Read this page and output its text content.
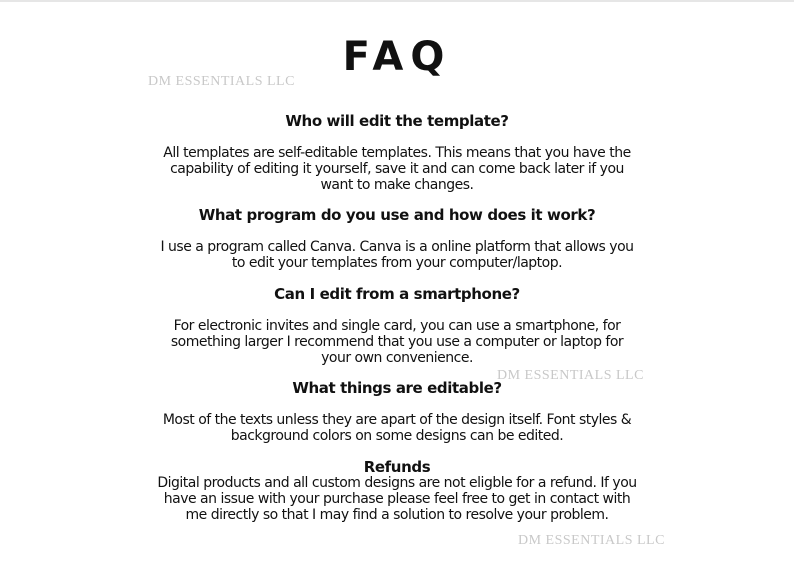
FAQ
DM ESSENTIALS LLC
DM ESSENTIALS LLC
DM ESSENTIALS LLC
Who will edit the template?
All templates are self-editable templates. This means that you have the
capability of editing it yourself, save it and can come back later if you
want to make changes.
What program do you use and how does it work?
I use a program called Canva. Canva is a online platform that allows you
to edit your templates from your computer/laptop.
Can I edit from a smartphone?
For electronic invites and single card, you can use a smartphone, for
something larger I recommend that you use a computer or laptop for
your own convenience.
What things are editable?
Most of the texts unless they are apart of the design itself. Font styles &
background colors on some designs can be edited.
Refunds
Digital products and all custom designs are not eligble for a refund. If you
have an issue with your purchase please feel free to get in contact with
me directly so that I may find a solution to resolve your problem.
